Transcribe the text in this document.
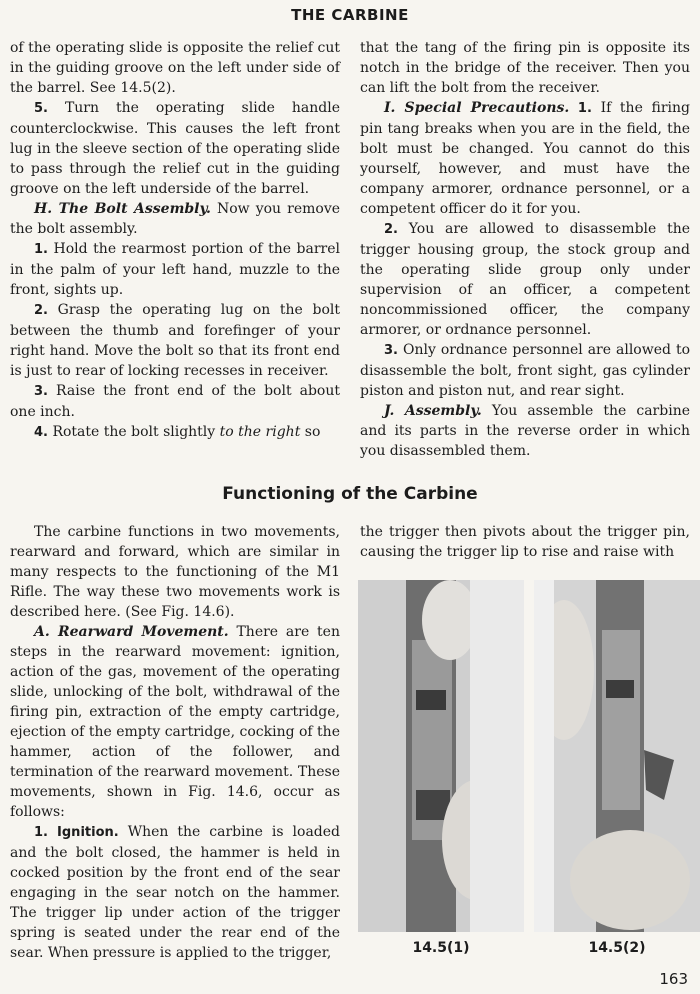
THE CARBINE

of the operating slide is opposite the relief cut in the guiding groove on the left under side of the barrel. See 14.5(2).

5. Turn the operating slide handle counterclockwise. This causes the left front lug in the sleeve section of the operating slide to pass through the relief cut in the guiding groove on the left underside of the barrel.

H. The Bolt Assembly. Now you remove the bolt assembly.

1. Hold the rearmost portion of the barrel in the palm of your left hand, muzzle to the front, sights up.

2. Grasp the operating lug on the bolt between the thumb and forefinger of your right hand. Move the bolt so that its front end is just to rear of locking recesses in receiver.

3. Raise the front end of the bolt about one inch.

4. Rotate the bolt slightly to the right so

that the tang of the firing pin is opposite its notch in the bridge of the receiver. Then you can lift the bolt from the receiver.

I. Special Precautions. 1. If the firing pin tang breaks when you are in the field, the bolt must be changed. You cannot do this yourself, however, and must have the company armorer, ordnance personnel, or a competent officer do it for you.

2. You are allowed to disassemble the trigger housing group, the stock group and the operating slide group only under supervision of an officer, a competent noncommissioned officer, the company armorer, or ordnance personnel.

3. Only ordnance personnel are allowed to disassemble the bolt, front sight, gas cylinder piston and piston nut, and rear sight.

J. Assembly. You assemble the carbine and its parts in the reverse order in which you disassembled them.

Functioning of the Carbine

The carbine functions in two movements, rearward and forward, which are similar in many respects to the functioning of the M1 Rifle. The way these two movements work is described here. (See Fig. 14.6).

A. Rearward Movement. There are ten steps in the rearward movement: ignition, action of the gas, movement of the operating slide, unlocking of the bolt, withdrawal of the firing pin, extraction of the empty cartridge, ejection of the empty cartridge, cocking of the hammer, action of the follower, and termination of the rearward movement. These movements, shown in Fig. 14.6, occur as follows:

1. Ignition. When the carbine is loaded and the bolt closed, the hammer is held in cocked position by the front end of the sear engaging in the sear notch on the hammer. The trigger lip under action of the trigger spring is seated under the rear end of the sear. When pressure is applied to the trigger,

the trigger then pivots about the trigger pin, causing the trigger lip to rise and raise with

14.5(1)	14.5(2)
163
